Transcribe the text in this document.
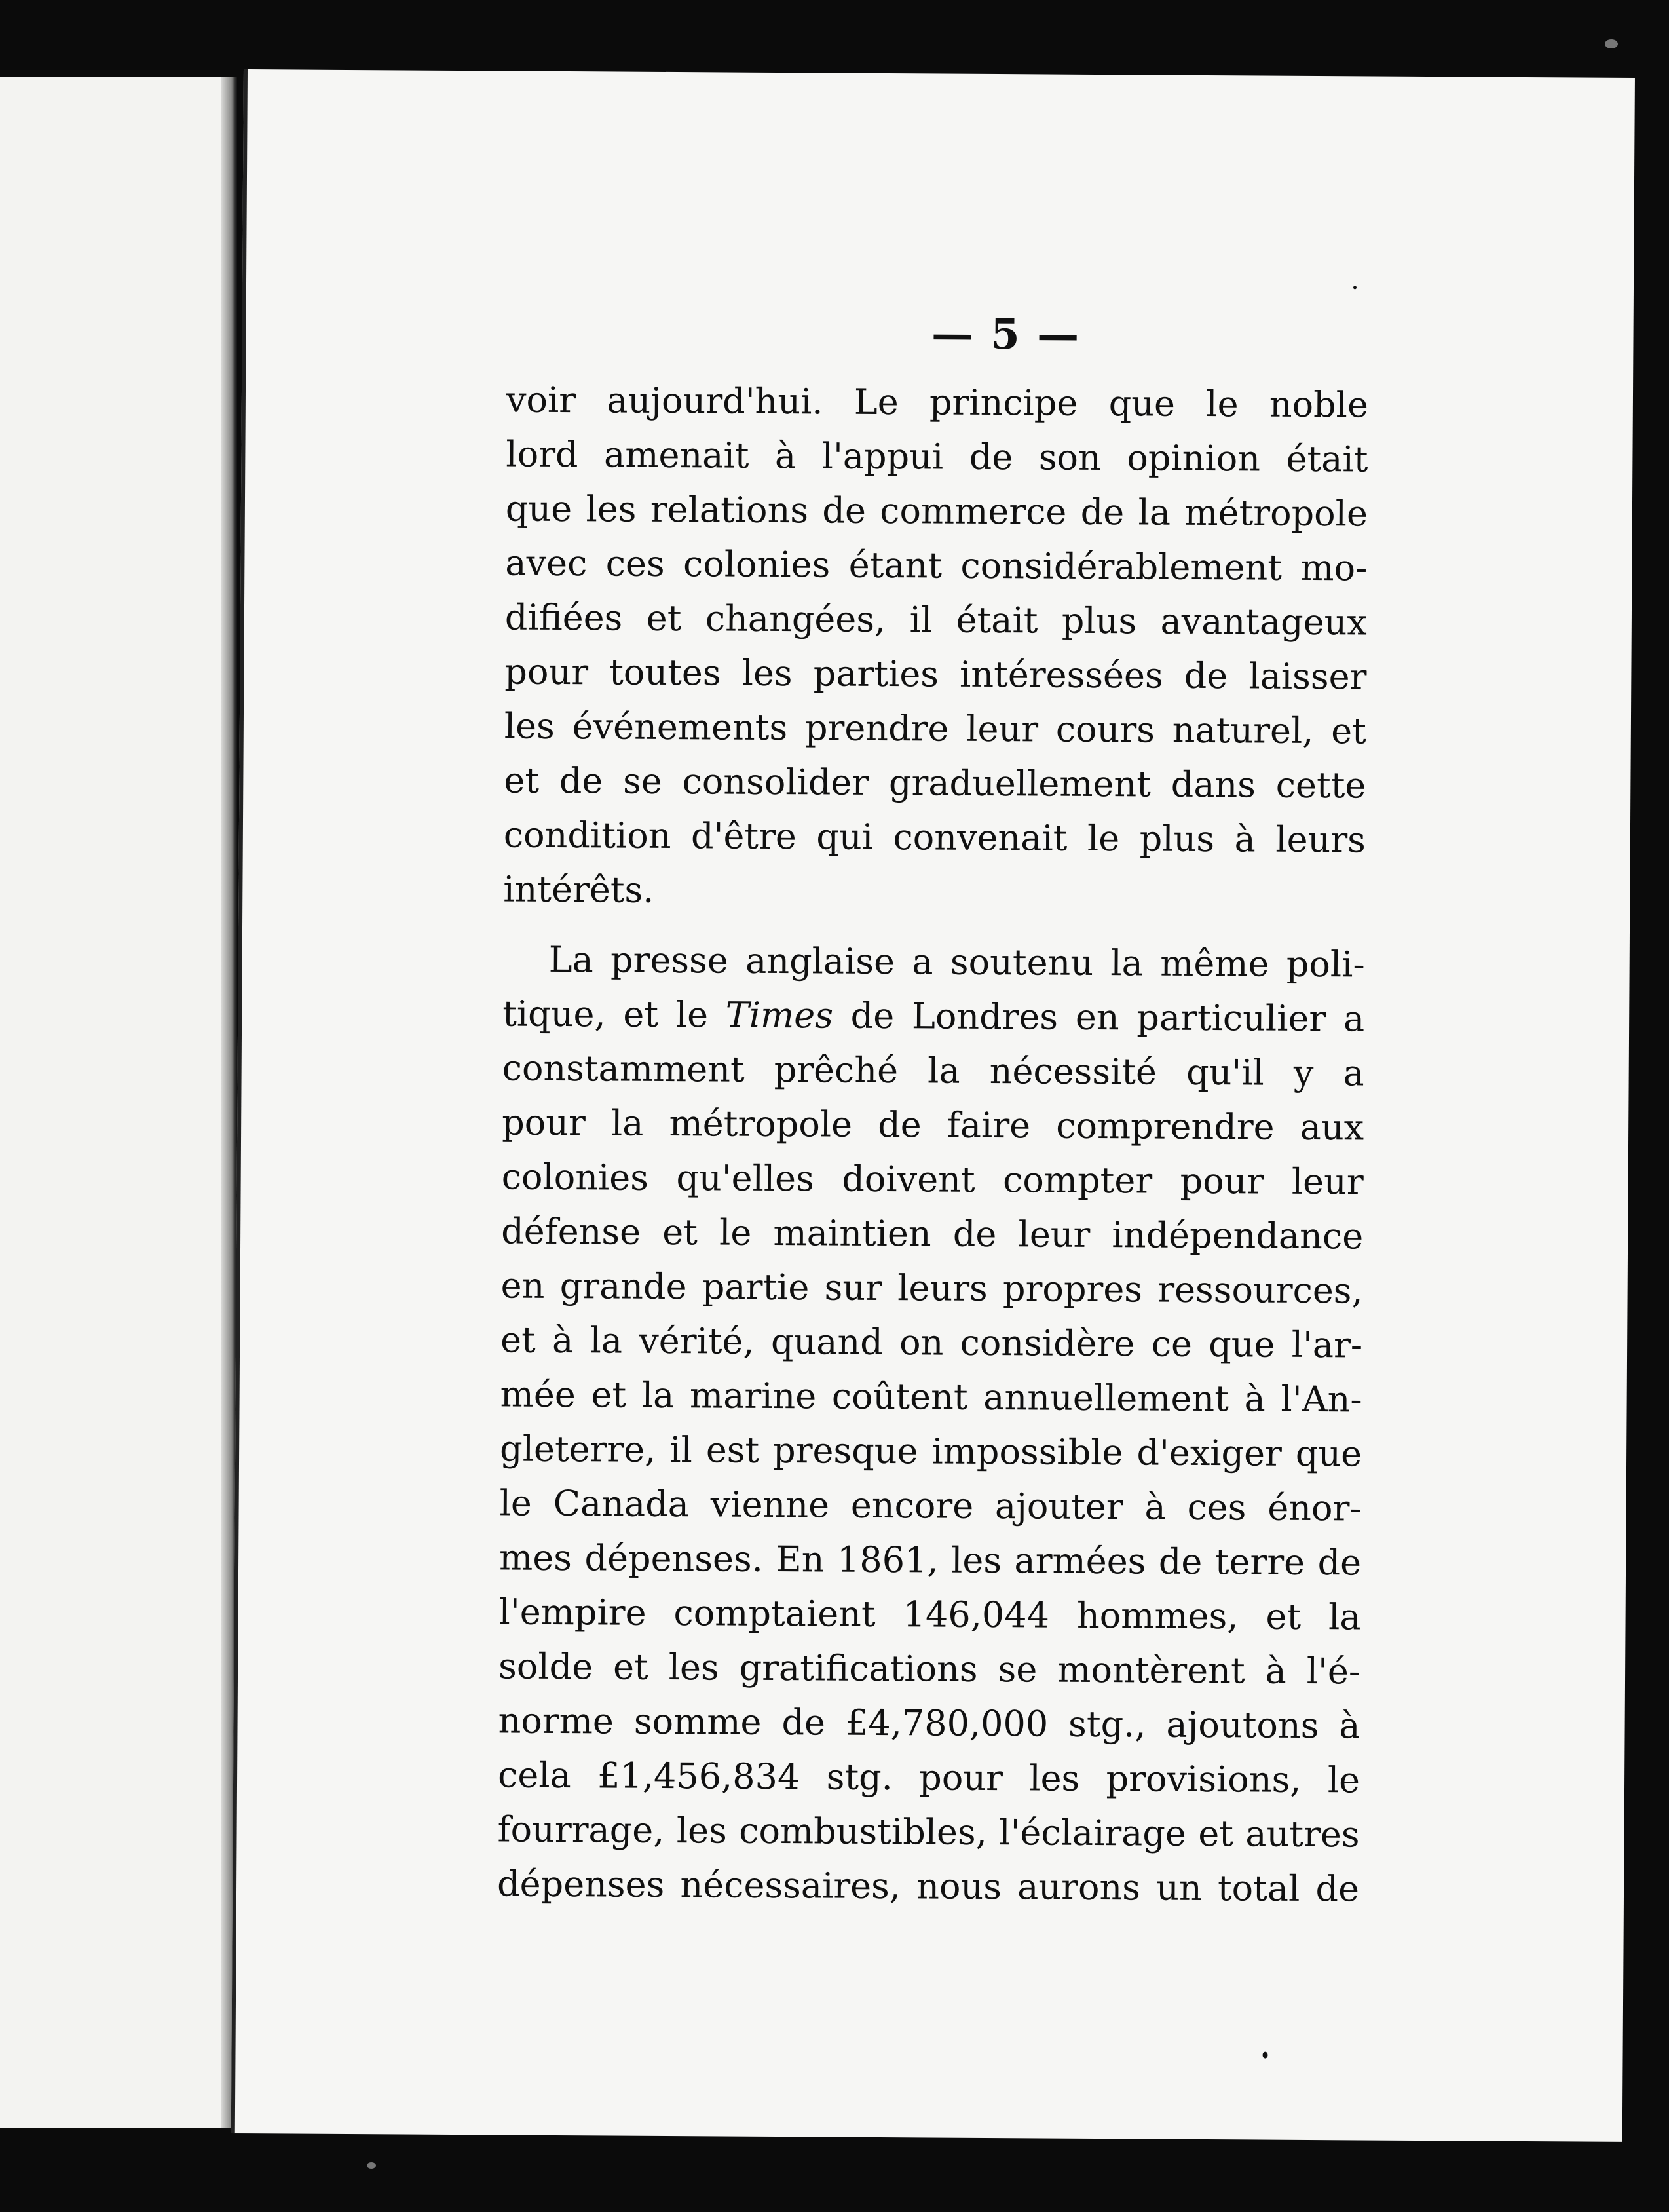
— 5 —
voir aujourd'hui. Le principe que le noble
lord amenait à l'appui de son opinion était
que les relations de commerce de la métropole
avec ces colonies étant considérablement mo-
difiées et changées, il était plus avantageux
pour toutes les parties intéressées de laisser
les événements prendre leur cours naturel, et
et de se consolider graduellement dans cette
condition d'être qui convenait le plus à leurs
intérêts.
La presse anglaise a soutenu la même poli-
tique, et le Times de Londres en particulier a
constamment prêché la nécessité qu'il y a
pour la métropole de faire comprendre aux
colonies qu'elles doivent compter pour leur
défense et le maintien de leur indépendance
en grande partie sur leurs propres ressources,
et à la vérité, quand on considère ce que l'ar-
mée et la marine coûtent annuellement à l'An-
gleterre, il est presque impossible d'exiger que
le Canada vienne encore ajouter à ces énor-
mes dépenses. En 1861, les armées de terre de
l'empire comptaient 146,044 hommes, et la
solde et les gratifications se montèrent à l'é-
norme somme de £4,780,000 stg., ajoutons à
cela £1,456,834 stg. pour les provisions, le
fourrage, les combustibles, l'éclairage et autres
dépenses nécessaires, nous aurons un total de
